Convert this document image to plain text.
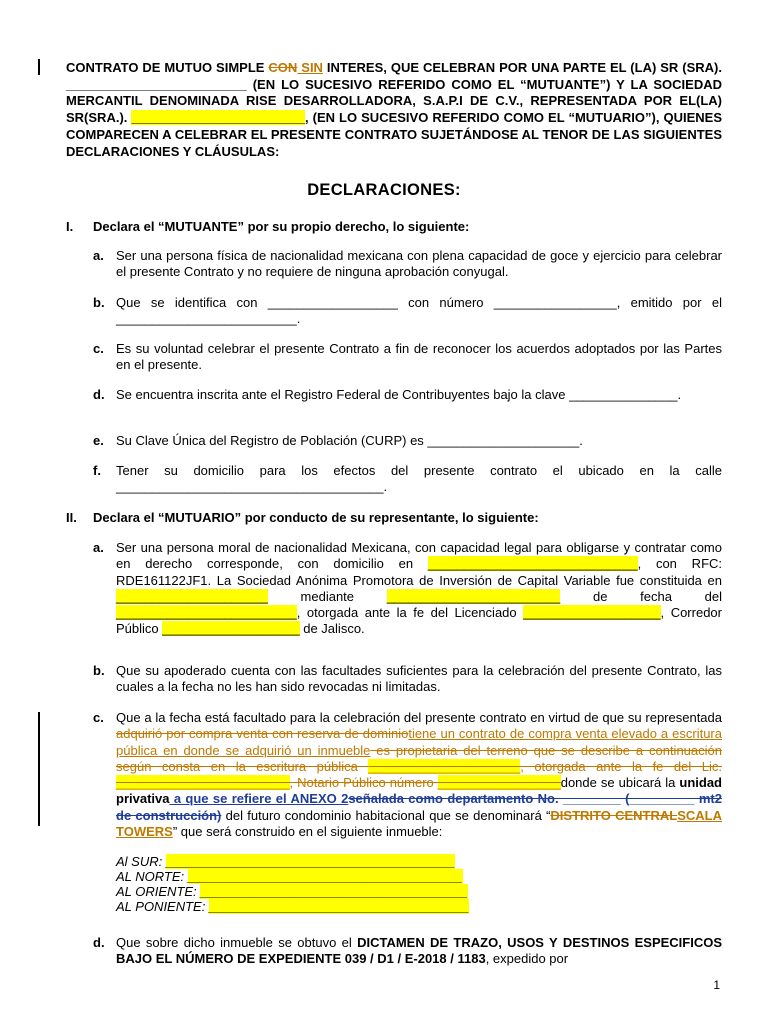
CONTRATO DE MUTUO SIMPLE CON SIN INTERES, QUE CELEBRAN POR UNA PARTE EL (LA) SR (SRA). _________________________ (EN LO SUCESIVO REFERIDO COMO EL “MUTUANTE”) Y LA SOCIEDAD MERCANTIL DENOMINADA RISE DESARROLLADORA, S.A.P.I DE C.V., REPRESENTADA POR EL(LA) SR(SRA.). ________________________, (EN LO SUCESIVO REFERIDO COMO EL “MUTUARIO”), QUIENES COMPARECEN A CELEBRAR EL PRESENTE CONTRATO SUJETÁNDOSE AL TENOR DE LAS SIGUIENTES DECLARACIONES Y CLÁUSULAS:
DECLARACIONES:
I. Declara el “MUTUANTE” por su propio derecho, lo siguiente:
a. Ser una persona física de nacionalidad mexicana con plena capacidad de goce y ejercicio para celebrar el presente Contrato y no requiere de ninguna aprobación conyugal.
b. Que se identifica con __________________ con número _________________, emitido por el _________________________.
c. Es su voluntad celebrar el presente Contrato a fin de reconocer los acuerdos adoptados por las Partes en el presente.
d. Se encuentra inscrita ante el Registro Federal de Contribuyentes bajo la clave _______________.
e. Su Clave Única del Registro de Población (CURP) es _____________________.
f. Tener su domicilio para los efectos del presente contrato el ubicado en la calle _____________________________________.
II. Declara el “MUTUARIO” por conducto de su representante, lo siguiente:
a. Ser una persona moral de nacionalidad Mexicana, con capacidad legal para obligarse y contratar como en derecho corresponde, con domicilio en _____________________________, con RFC: RDE161122JF1. La Sociedad Anónima Promotora de Inversión de Capital Variable fue constituida en _____________________ mediante ________________________ de fecha del _________________________, otorgada ante la fe del Licenciado ___________________, Corredor Público ___________________ de Jalisco.
b. Que su apoderado cuenta con las facultades suficientes para la celebración del presente Contrato, las cuales a la fecha no les han sido revocadas ni limitadas.
c. Que a la fecha está facultado para la celebración del presente contrato en virtud de que su representada adquirió por compra venta con reserva de dominiotiene un contrato de compra venta elevado a escritura pública en donde se adquirió un inmueble es propietaria del terreno que se describe a continuación según consta en la escritura pública _____________________, otorgada ante la fe del Lic. ________________________, Notario Público número _________________donde se ubicará la unidad privativa a que se refiere el ANEXO 2señalada como departamento No. ________ (_________ mt2 de construcción) del futuro condominio habitacional que se denominará “DISTRITO CENTRALSCALA TOWERS” que será construido en el siguiente inmueble:
Al SUR: ________________________________________
AL NORTE: ______________________________________
AL ORIENTE: _____________________________________
AL PONIENTE: ____________________________________
d. Que sobre dicho inmueble se obtuvo el DICTAMEN DE TRAZO, USOS Y DESTINOS ESPECIFICOS BAJO EL NÚMERO DE EXPEDIENTE 039 / D1 / E-2018 / 1183, expedido por
1
